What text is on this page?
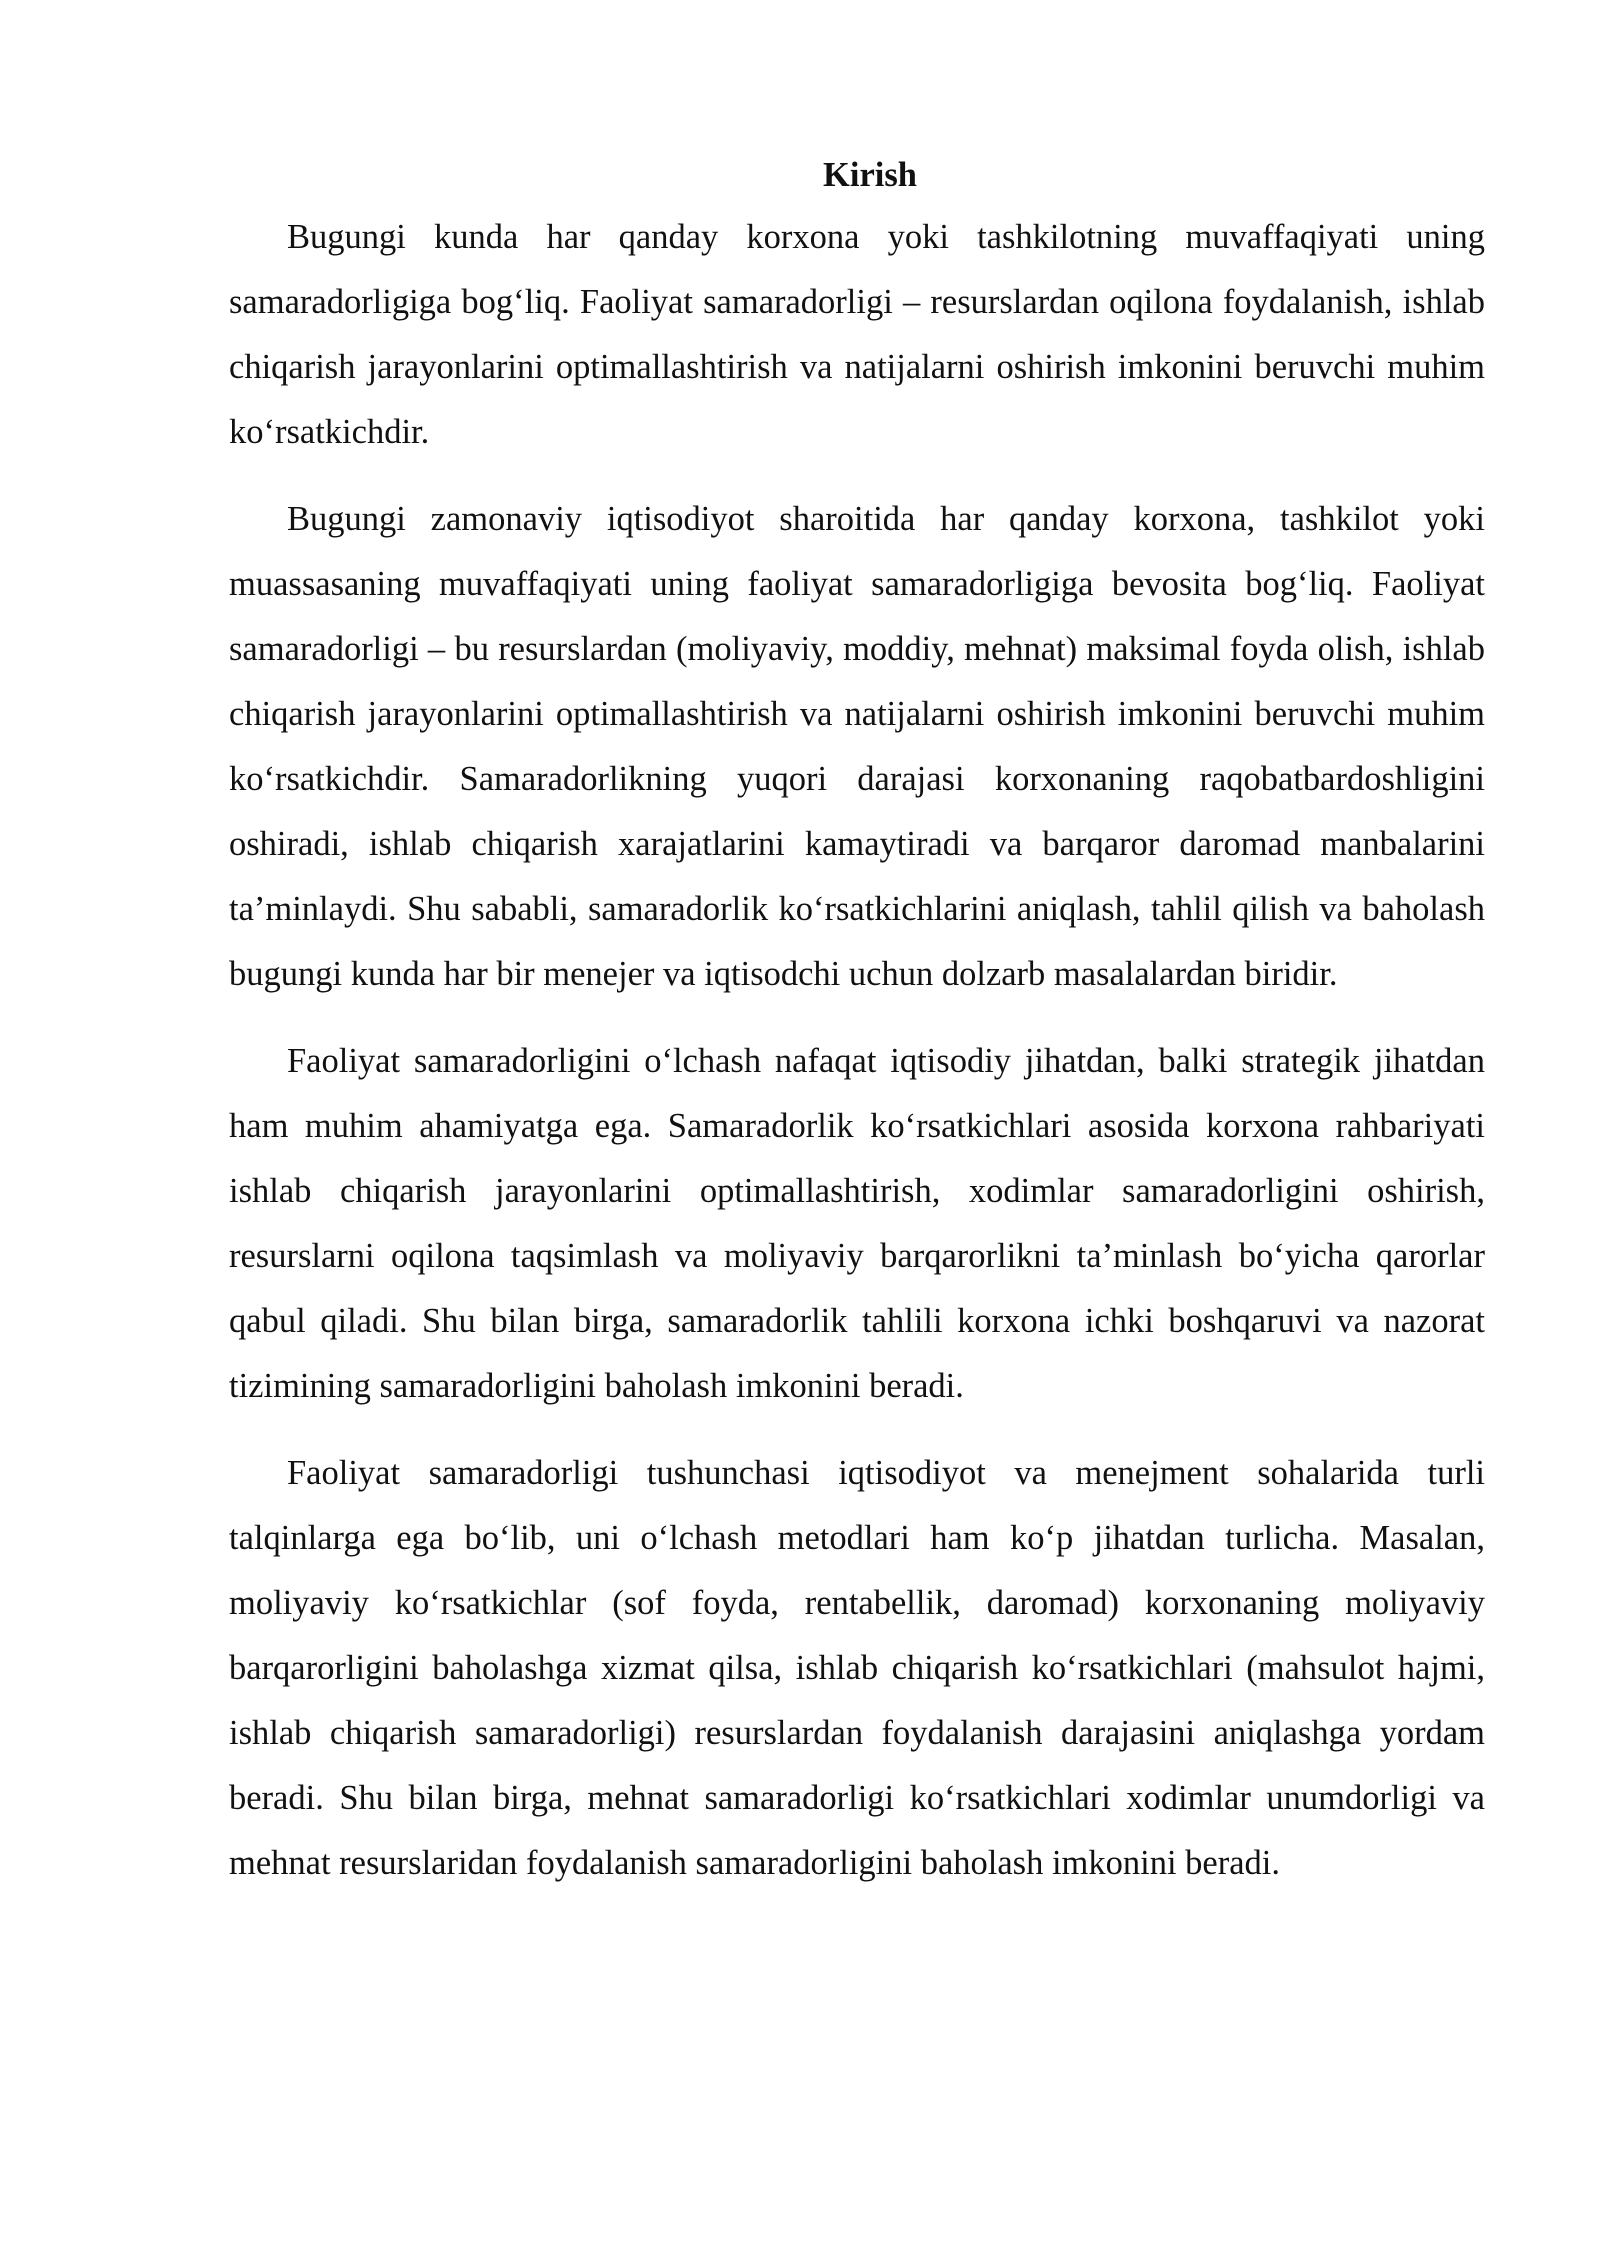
Kirish

Bugungi kunda har qanday korxona yoki tashkilotning muvaffaqiyati uning samaradorligiga bog‘liq. Faoliyat samaradorligi – resurslardan oqilona foydalanish, ishlab chiqarish jarayonlarini optimallashtirish va natijalarni oshirish imkonini beruvchi muhim ko‘rsatkichdir.

Bugungi zamonaviy iqtisodiyot sharoitida har qanday korxona, tashkilot yoki muassasaning muvaffaqiyati uning faoliyat samaradorligiga bevosita bog‘liq. Faoliyat samaradorligi – bu resurslardan (moliyaviy, moddiy, mehnat) maksimal foyda olish, ishlab chiqarish jarayonlarini optimallashtirish va natijalarni oshirish imkonini beruvchi muhim ko‘rsatkichdir. Samaradorlikning yuqori darajasi korxonaning raqobatbardoshligini oshiradi, ishlab chiqarish xarajatlarini kamaytiradi va barqaror daromad manbalarini ta’minlaydi. Shu sababli, samaradorlik ko‘rsatkichlarini aniqlash, tahlil qilish va baholash bugungi kunda har bir menejer va iqtisodchi uchun dolzarb masalalardan biridir.

Faoliyat samaradorligini o‘lchash nafaqat iqtisodiy jihatdan, balki strategik jihatdan ham muhim ahamiyatga ega. Samaradorlik ko‘rsatkichlari asosida korxona rahbariyati ishlab chiqarish jarayonlarini optimallashtirish, xodimlar samaradorligini oshirish, resurslarni oqilona taqsimlash va moliyaviy barqarorlikni ta’minlash bo‘yicha qarorlar qabul qiladi. Shu bilan birga, samaradorlik tahlili korxona ichki boshqaruvi va nazorat tizimining samaradorligini baholash imkonini beradi.

Faoliyat samaradorligi tushunchasi iqtisodiyot va menejment sohalarida turli talqinlarga ega bo‘lib, uni o‘lchash metodlari ham ko‘p jihatdan turlicha. Masalan, moliyaviy ko‘rsatkichlar (sof foyda, rentabellik, daromad) korxonaning moliyaviy barqarorligini baholashga xizmat qilsa, ishlab chiqarish ko‘rsatkichlari (mahsulot hajmi, ishlab chiqarish samaradorligi) resurslardan foydalanish darajasini aniqlashga yordam beradi. Shu bilan birga, mehnat samaradorligi ko‘rsatkichlari xodimlar unumdorligi va mehnat resurslaridan foydalanish samaradorligini baholash imkonini beradi.
